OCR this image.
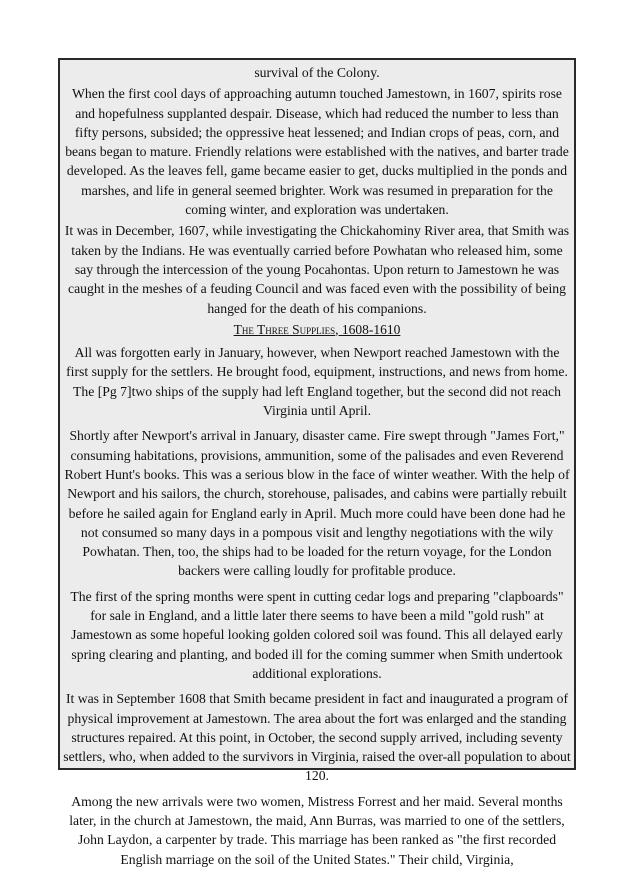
survival of the Colony.

When the first cool days of approaching autumn touched Jamestown, in 1607, spirits rose and hopefulness supplanted despair. Disease, which had reduced the number to less than fifty persons, subsided; the oppressive heat lessened; and Indian crops of peas, corn, and beans began to mature. Friendly relations were established with the natives, and barter trade developed. As the leaves fell, game became easier to get, ducks multiplied in the ponds and marshes, and life in general seemed brighter. Work was resumed in preparation for the coming winter, and exploration was undertaken.

It was in December, 1607, while investigating the Chickahominy River area, that Smith was taken by the Indians. He was eventually carried before Powhatan who released him, some say through the intercession of the young Pocahontas. Upon return to Jamestown he was caught in the meshes of a feuding Council and was faced even with the possibility of being hanged for the death of his companions.

The Three Supplies, 1608-1610

All was forgotten early in January, however, when Newport reached Jamestown with the first supply for the settlers. He brought food, equipment, instructions, and news from home. The [Pg 7]two ships of the supply had left England together, but the second did not reach Virginia until April.

Shortly after Newport's arrival in January, disaster came. Fire swept through "James Fort," consuming habitations, provisions, ammunition, some of the palisades and even Reverend Robert Hunt's books. This was a serious blow in the face of winter weather. With the help of Newport and his sailors, the church, storehouse, palisades, and cabins were partially rebuilt before he sailed again for England early in April. Much more could have been done had he not consumed so many days in a pompous visit and lengthy negotiations with the wily Powhatan. Then, too, the ships had to be loaded for the return voyage, for the London backers were calling loudly for profitable produce.

The first of the spring months were spent in cutting cedar logs and preparing "clapboards" for sale in England, and a little later there seems to have been a mild "gold rush" at Jamestown as some hopeful looking golden colored soil was found. This all delayed early spring clearing and planting, and boded ill for the coming summer when Smith undertook additional explorations.

It was in September 1608 that Smith became president in fact and inaugurated a program of physical improvement at Jamestown. The area about the fort was enlarged and the standing structures repaired. At this point, in October, the second supply arrived, including seventy settlers, who, when added to the survivors in Virginia, raised the over-all population to about 120.

Among the new arrivals were two women, Mistress Forrest and her maid. Several months later, in the church at Jamestown, the maid, Ann Burras, was married to one of the settlers, John Laydon, a carpenter by trade. This marriage has been ranked as "the first recorded English marriage on the soil of the United States." Their child, Virginia,
